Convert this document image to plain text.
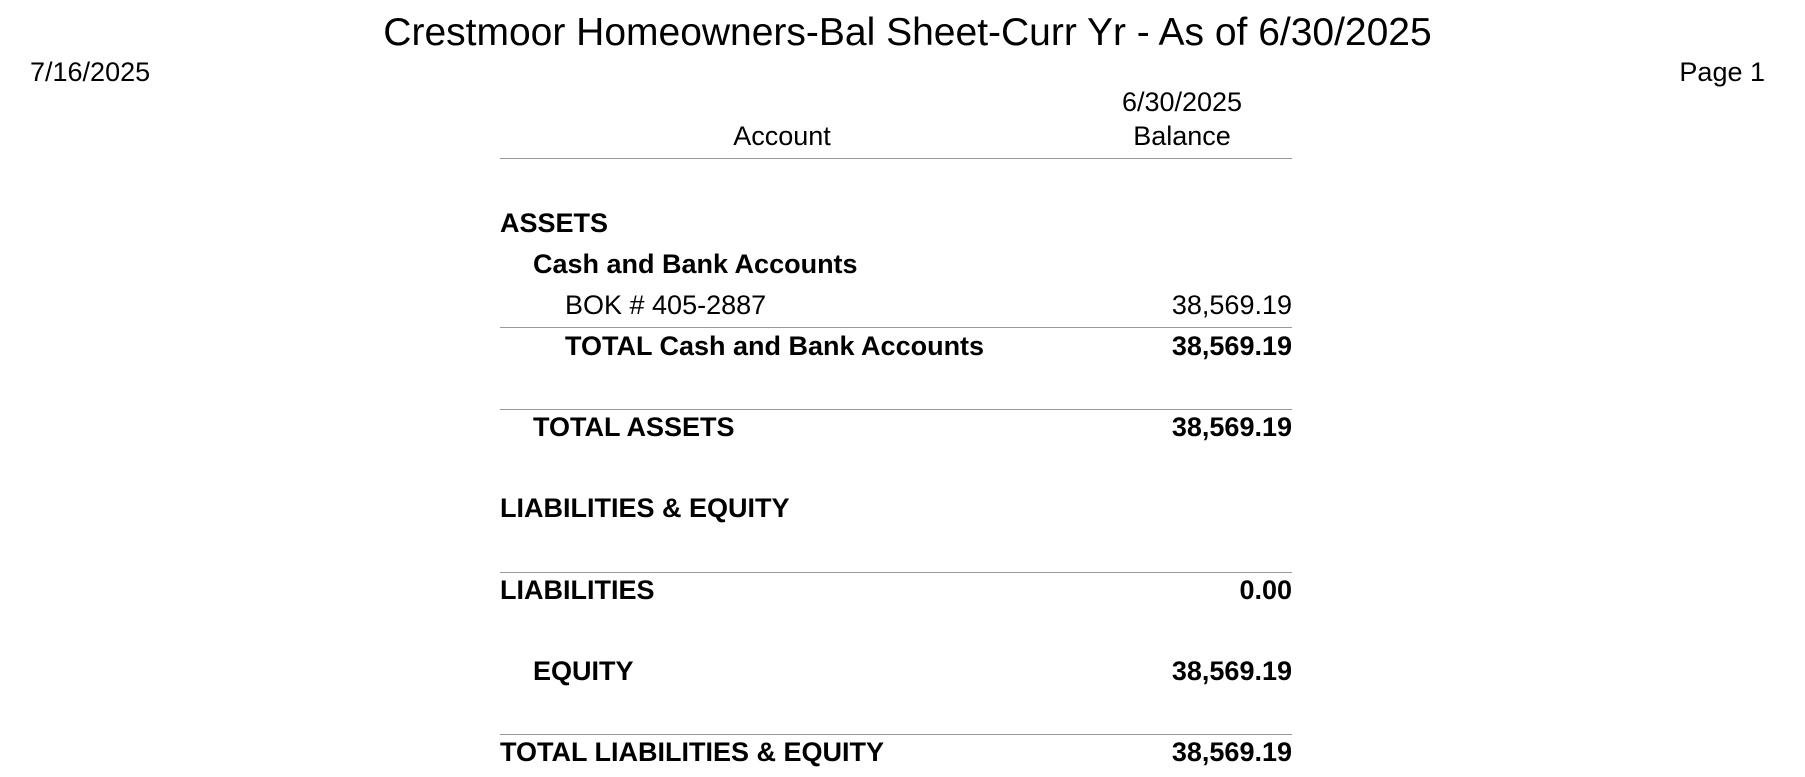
Crestmoor Homeowners-Bal Sheet-Curr Yr - As of 6/30/2025
7/16/2025	Page 1
6/30/2025
Account	Balance
ASSETS
Cash and Bank Accounts
BOK # 405-2887	38,569.19
TOTAL Cash and Bank Accounts	38,569.19
TOTAL ASSETS	38,569.19
LIABILITIES & EQUITY
LIABILITIES	0.00
EQUITY	38,569.19
TOTAL LIABILITIES & EQUITY	38,569.19
